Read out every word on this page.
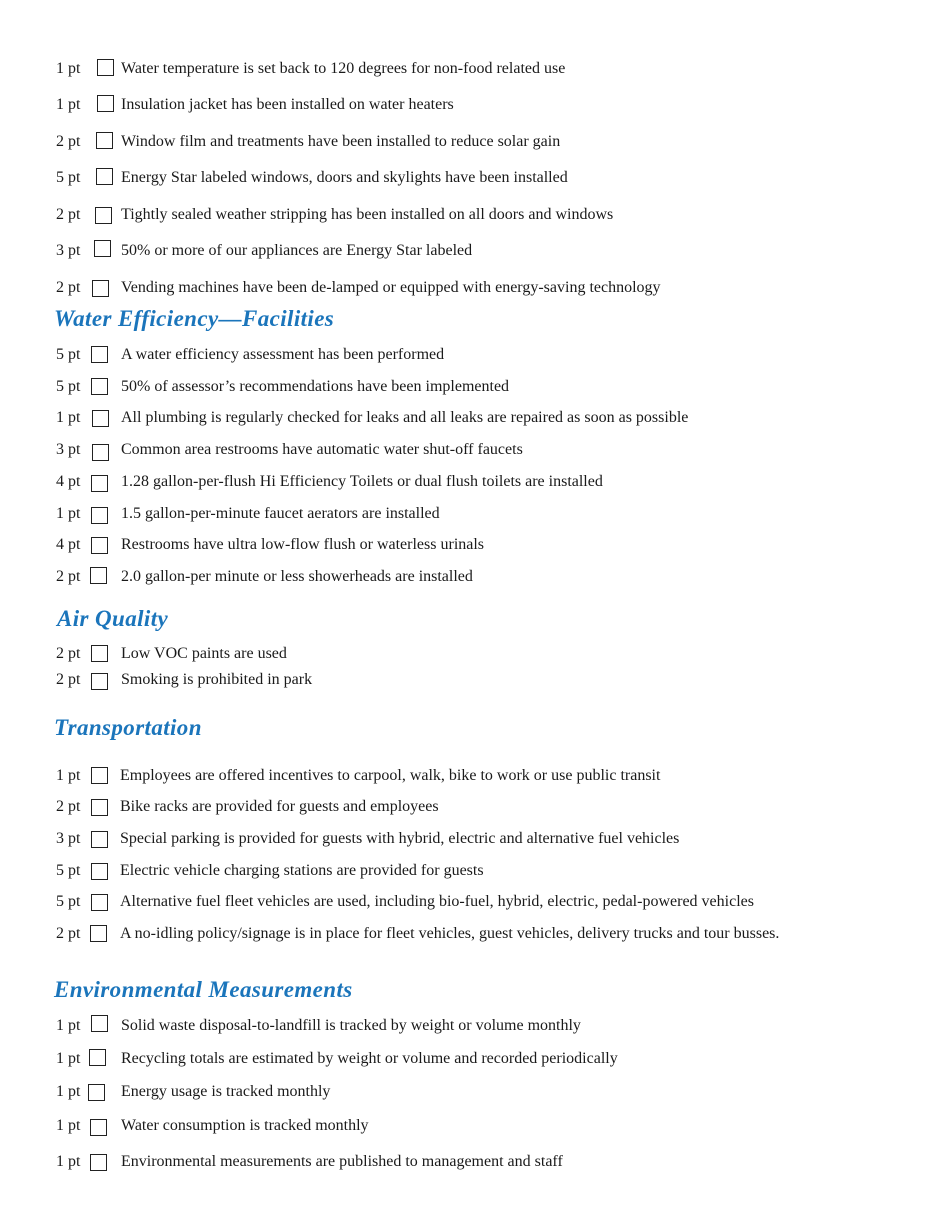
1 pt	Water temperature is set back to 120 degrees for non-food related use
1 pt	Insulation jacket has been installed on water heaters
2 pt	Window film and treatments have been installed to reduce solar gain
5 pt	Energy Star labeled windows, doors and skylights have been installed
2 pt	Tightly sealed weather stripping has been installed on all doors and windows
3 pt	50% or more of our appliances are Energy Star labeled
2 pt	Vending machines have been de-lamped or equipped with energy-saving technology
Water Efficiency—Facilities
5 pt	A water efficiency assessment has been performed
5 pt	50% of assessor’s recommendations have been implemented
1 pt	All plumbing is regularly checked for leaks and all leaks are repaired as soon as possible
3 pt	Common area restrooms have automatic water shut-off faucets
4 pt	1.28 gallon-per-flush Hi Efficiency Toilets or dual flush toilets are installed
1 pt	1.5 gallon-per-minute faucet aerators are installed
4 pt	Restrooms have ultra low-flow flush or waterless urinals
2 pt	2.0 gallon-per minute or less showerheads are installed
Air Quality
2 pt	Low VOC paints are used
2 pt	Smoking is prohibited in park
Transportation
1 pt Employees are offered incentives to carpool, walk, bike to work or use public transit
2 pt Bike racks are provided for guests and employees
3 pt Special parking is provided for guests with hybrid, electric and alternative fuel vehicles
5 pt Electric vehicle charging stations are provided for guests
5 pt Alternative fuel fleet vehicles are used, including bio-fuel, hybrid, electric, pedal-powered vehicles
2 pt A no-idling policy/signage is in place for fleet vehicles, guest vehicles, delivery trucks and tour busses.
Environmental Measurements
1 pt	Solid waste disposal-to-landfill is tracked by weight or volume monthly
1 pt	Recycling totals are estimated by weight or volume and recorded periodically
1 pt	Energy usage is tracked monthly
1 pt	Water consumption is tracked monthly
1 pt	Environmental measurements are published to management and staff
